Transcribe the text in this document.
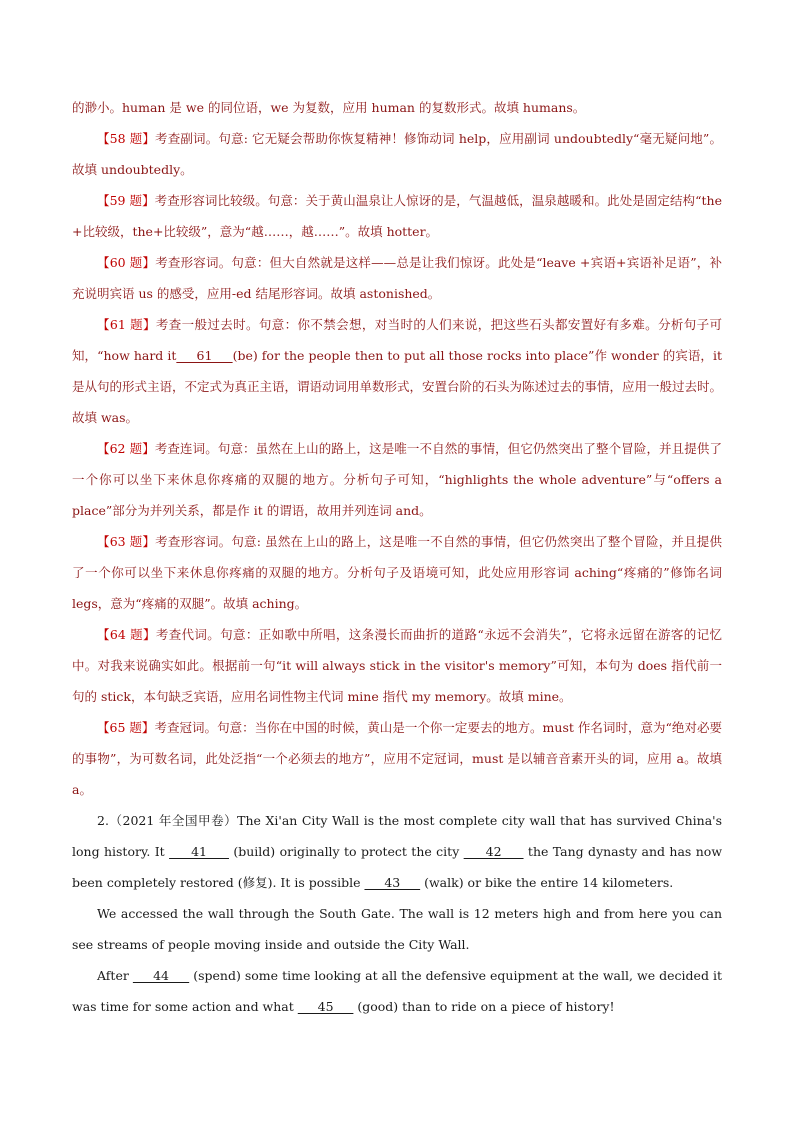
的渺小。human 是 we 的同位语，we 为复数，应用 human 的复数形式。故填 humans。

【58 题】考查副词。句意: 它无疑会帮助你恢复精神！修饰动词 help，应用副词 undoubtedly“毫无疑问地”。故填 undoubtedly。

【59 题】考查形容词比较级。句意：关于黄山温泉让人惊讶的是，气温越低，温泉越暖和。此处是固定结构“the +比较级，the+比较级”，意为“越……，越……”。故填 hotter。

【60 题】考查形容词。句意：但大自然就是这样——总是让我们惊讶。此处是“leave +宾语+宾语补足语”，补充说明宾语 us 的感受，应用-ed 结尾形容词。故填 astonished。

【61 题】考查一般过去时。句意：你不禁会想，对当时的人们来说，把这些石头都安置好有多难。分析句子可知，“how hard it     61     (be) for the people then to put all those rocks into place”作 wonder 的宾语，it 是从句的形式主语，不定式为真正主语，谓语动词用单数形式，安置台阶的石头为陈述过去的事情，应用一般过去时。故填 was。

【62 题】考查连词。句意：虽然在上山的路上，这是唯一不自然的事情，但它仍然突出了整个冒险，并且提供了一个你可以坐下来休息你疼痛的双腿的地方。分析句子可知，“highlights the whole adventure”与“offers a place”部分为并列关系，都是作 it 的谓语，故用并列连词 and。

【63 题】考查形容词。句意: 虽然在上山的路上，这是唯一不自然的事情，但它仍然突出了整个冒险，并且提供了一个你可以坐下来休息你疼痛的双腿的地方。分析句子及语境可知，此处应用形容词 aching“疼痛的”修饰名词 legs，意为“疼痛的双腿”。故填 aching。

【64 题】考查代词。句意：正如歌中所唱，这条漫长而曲折的道路“永远不会消失”，它将永远留在游客的记忆中。对我来说确实如此。根据前一句“it will always stick in the visitor's memory”可知，本句为 does 指代前一句的 stick，本句缺乏宾语，应用名词性物主代词 mine 指代 my memory。故填 mine。

【65 题】考查冠词。句意：当你在中国的时候，黄山是一个你一定要去的地方。must 作名词时，意为“绝对必要的事物”，为可数名词，此处泛指“一个必须去的地方”，应用不定冠词，must 是以辅音音素开头的词，应用 a。故填 a。

2.（2021 年全国甲卷）The Xi'an City Wall is the most complete city wall that has survived China's long history. It      41      (build) originally to protect the city      42      the Tang dynasty and has now been completely restored (修复). It is possible      43      (walk) or bike the entire 14 kilometers.

We accessed the wall through the South Gate. The wall is 12 meters high and from here you can see streams of people moving inside and outside the City Wall.

After      44      (spend) some time looking at all the defensive equipment at the wall, we decided it was time for some action and what      45      (good) than to ride on a piece of history!
